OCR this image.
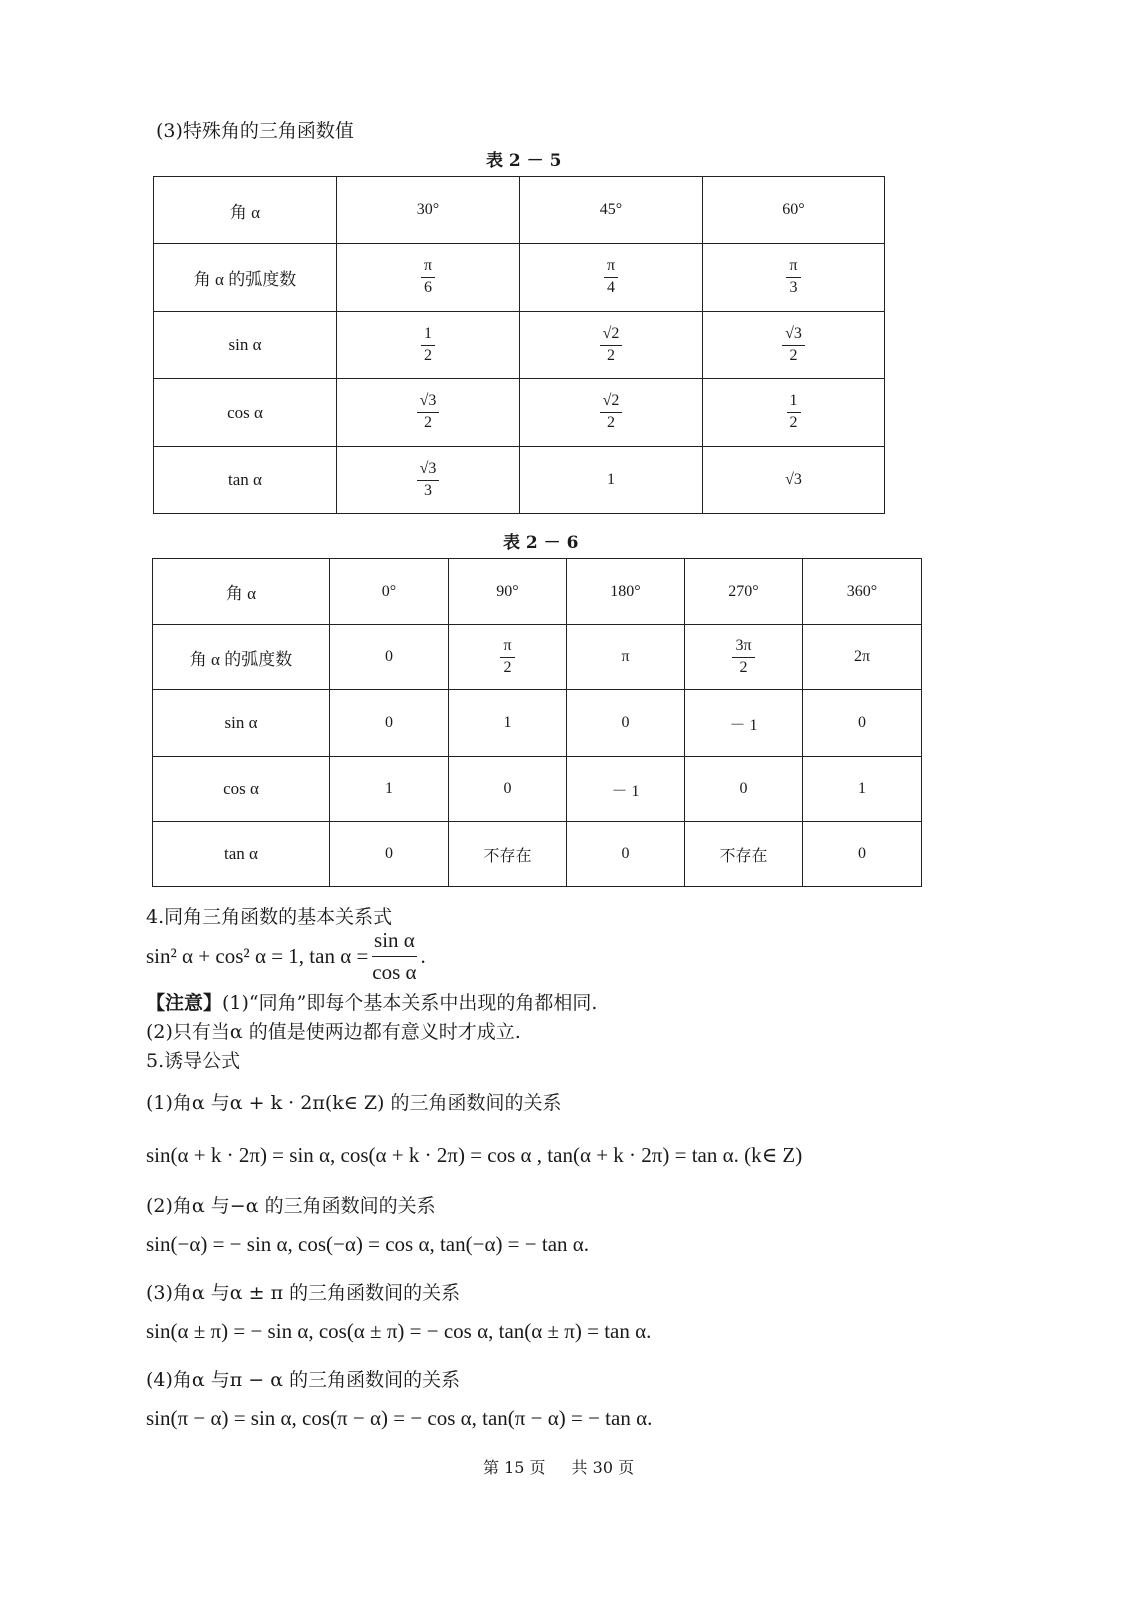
(3)特殊角的三角函数值
表 2 － 5
角 α	30°	45°	60°
角 α 的弧度数	$\frac{\pi}{6}$	$\frac{\pi}{4}$	$\frac{\pi}{3}$

sin α	$\frac{1}{2}$	$\frac{√2}{2}$	$\frac{√3}{2}$

cos α	$\frac{√3}{2}$	$\frac{√2}{2}$	$\frac{1}{2}$

tan α	$\frac{√3}{3}$	1	√3
表 2 － 6
角 α	0°	90°	180°	270°	360°
角 α 的弧度数	0	$\frac{\pi}{2}$	π	$\frac{3\pi}{2}$	2π
sin α	0	1	0	－ 1	0
cos α	1	0	－ 1	0	1
tan α	0	不存在	0	不存在	0
4.同角三角函数的基本关系式
sin² α + cos² α = 1, $\tan \alpha = \frac{\text{sin α}}{\text{cos α}}$ .
【注意】(1)“同角”即每个基本关系中出现的角都相同.
(2)只有当α 的值是使两边都有意义时才成立.
5.诱导公式
(1)角α 与α + k · 2π(k∈ Z) 的三角函数间的关系
sin(α + k · 2π) = sin α, cos(α + k · 2π) = cos α , tan(α + k · 2π) = tan α. (k∈ Z)
(2)角α 与−α 的三角函数间的关系
sin(−α) = − sin α, cos(−α) = cos α, tan(−α) = − tan α.
(3)角α 与α ± π 的三角函数间的关系
sin(α ± π) = − sin α, cos(α ± π) = − cos α, tan(α ± π) = tan α.
(4)角α 与π − α 的三角函数间的关系
sin(π − α) = sin α, cos(π − α) = − cos α, tan(π − α) = − tan α.
第 15 页 共 30 页
